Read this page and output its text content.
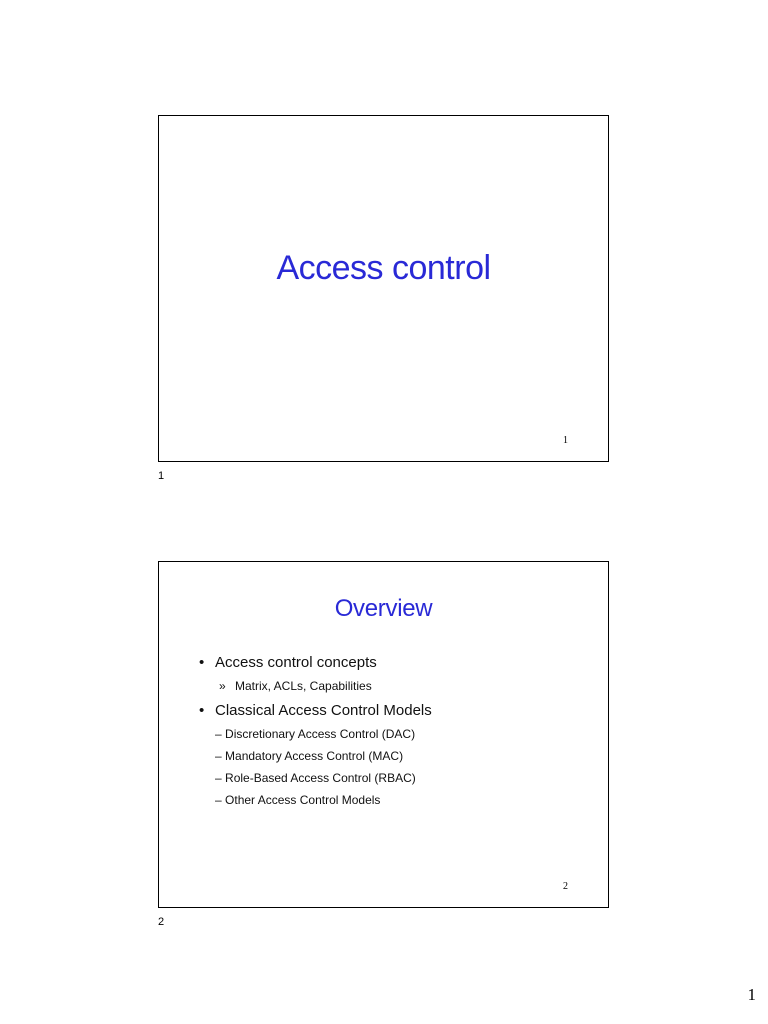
Access control
1
1
Overview
• Access control concepts
» Matrix, ACLs, Capabilities
• Classical Access Control Models
– Discretionary Access Control (DAC)
– Mandatory Access Control (MAC)
– Role-Based Access Control (RBAC)
– Other Access Control Models
2
2
1
